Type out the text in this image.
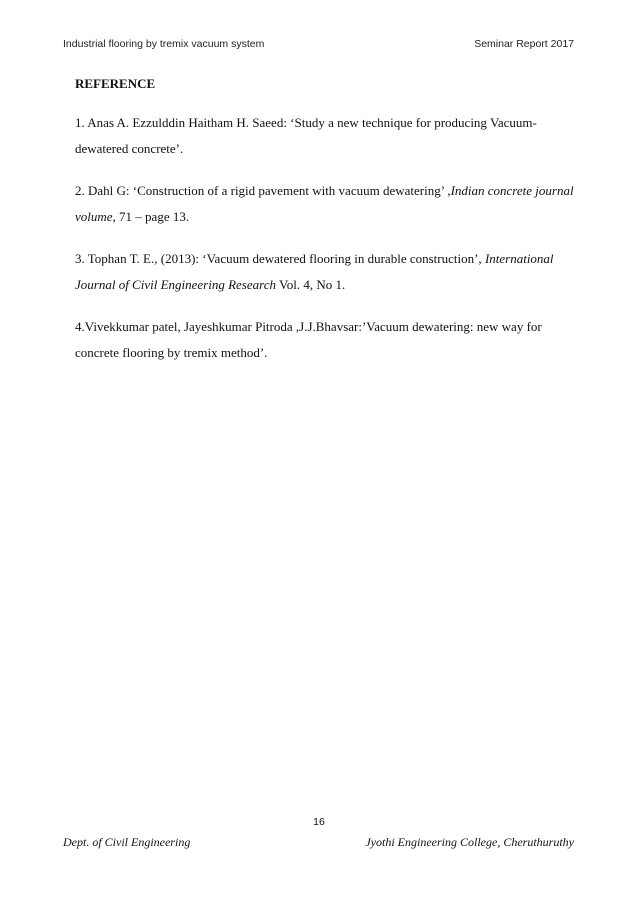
Industrial flooring by tremix vacuum system	Seminar Report 2017
REFERENCE
1. Anas A. Ezzulddin Haitham H. Saeed: ‘Study a new technique for producing Vacuum-dewatered concrete’.
2. Dahl G: ‘Construction of a rigid pavement with vacuum dewatering’ ,Indian concrete journal volume, 71 – page 13.
3. Tophan T. E., (2013): ‘Vacuum dewatered flooring in durable construction’, International Journal of Civil Engineering Research Vol. 4, No 1.
4.Vivekkumar patel, Jayeshkumar Pitroda ,J.J.Bhavsar:’Vacuum dewatering: new way for concrete flooring by tremix method’.
16
Dept. of Civil Engineering	Jyothi Engineering College, Cheruthuruthy
